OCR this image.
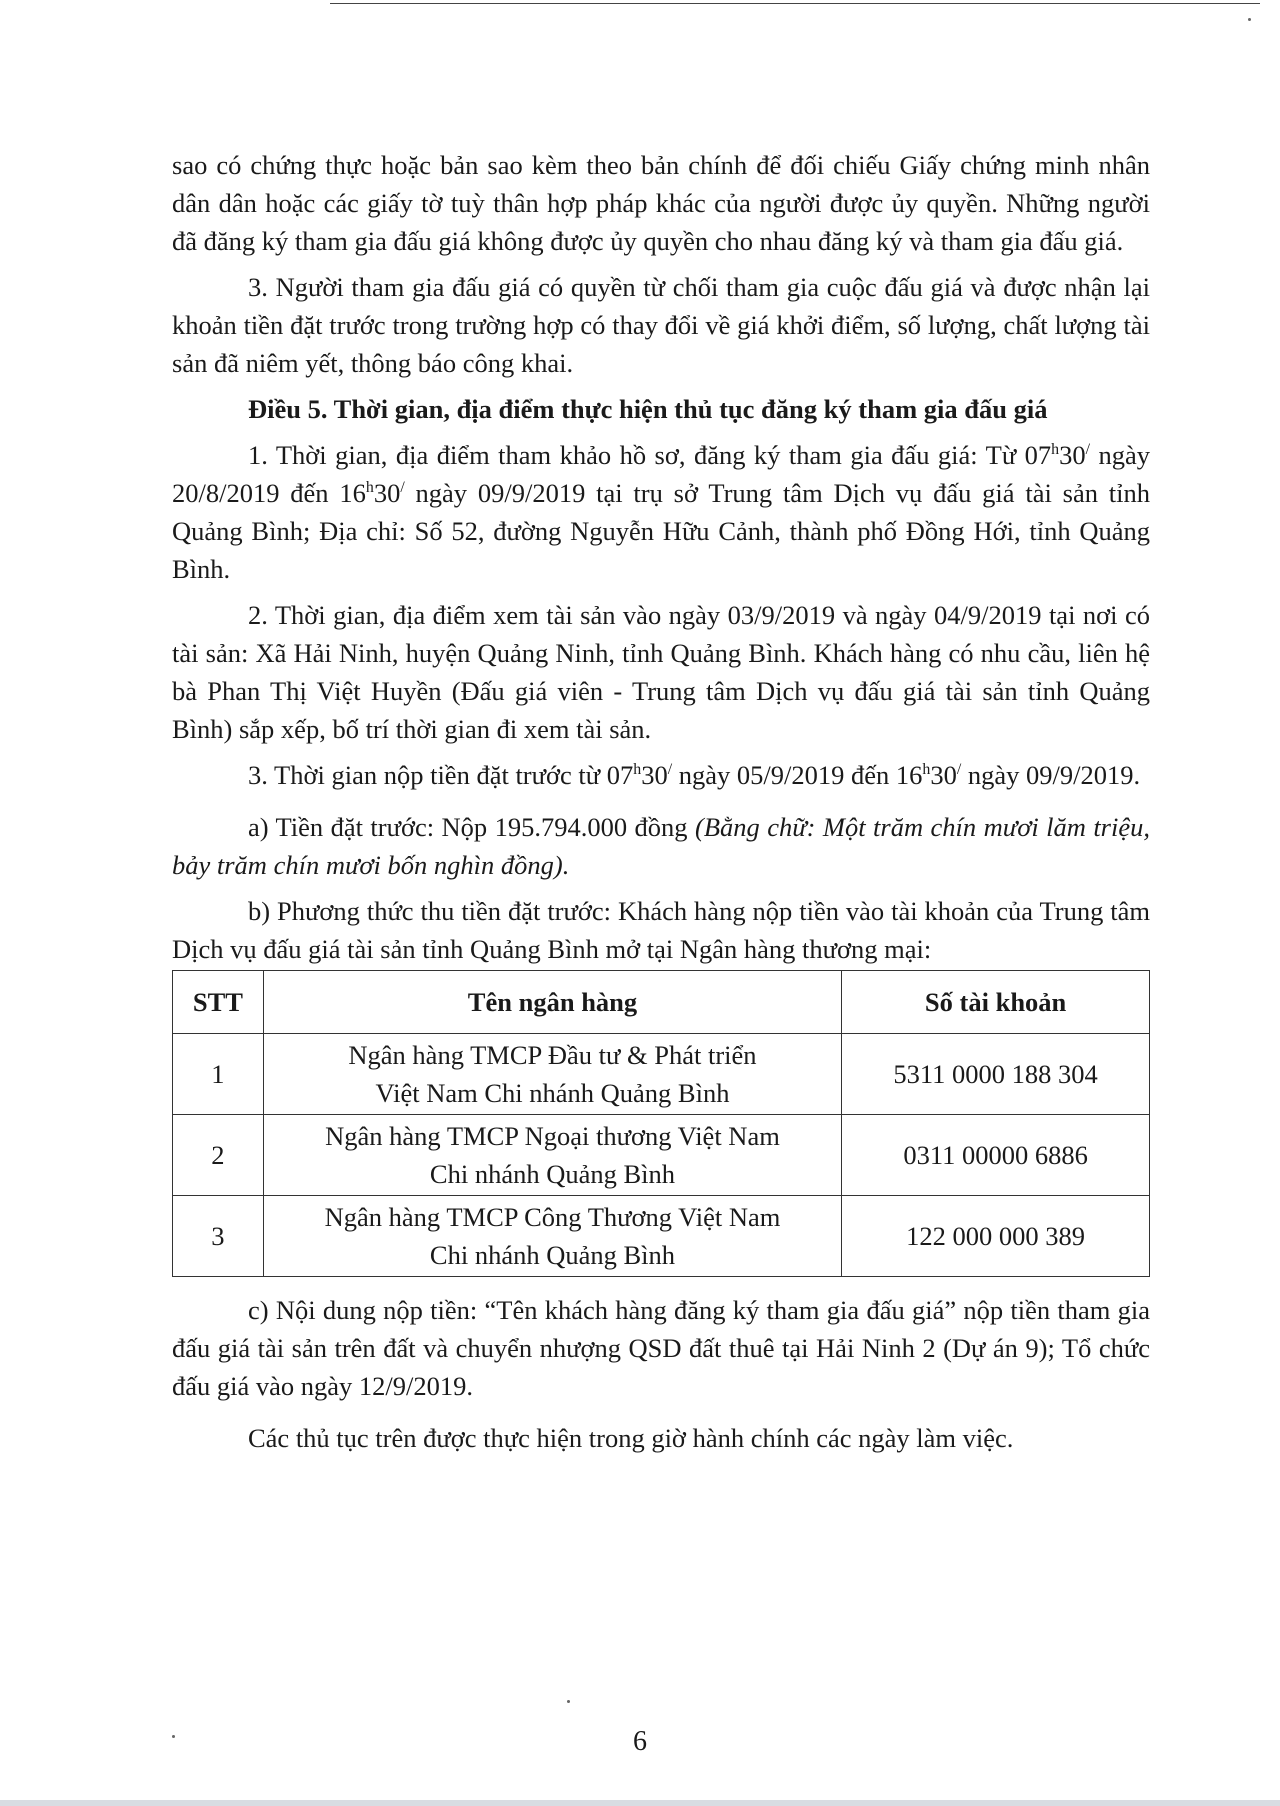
sao có chứng thực hoặc bản sao kèm theo bản chính để đối chiếu Giấy chứng minh nhân dân dân hoặc các giấy tờ tuỳ thân hợp pháp khác của người được ủy quyền. Những người đã đăng ký tham gia đấu giá không được ủy quyền cho nhau đăng ký và tham gia đấu giá.

3. Người tham gia đấu giá có quyền từ chối tham gia cuộc đấu giá và được nhận lại khoản tiền đặt trước trong trường hợp có thay đổi về giá khởi điểm, số lượng, chất lượng tài sản đã niêm yết, thông báo công khai.

Điều 5. Thời gian, địa điểm thực hiện thủ tục đăng ký tham gia đấu giá

1. Thời gian, địa điểm tham khảo hồ sơ, đăng ký tham gia đấu giá: Từ 07$^h$30/ ngày 20/8/2019 đến 16$^h$30/ ngày 09/9/2019 tại trụ sở Trung tâm Dịch vụ đấu giá tài sản tỉnh Quảng Bình; Địa chỉ: Số 52, đường Nguyễn Hữu Cảnh, thành phố Đồng Hới, tỉnh Quảng Bình.

2. Thời gian, địa điểm xem tài sản vào ngày 03/9/2019 và ngày 04/9/2019 tại nơi có tài sản: Xã Hải Ninh, huyện Quảng Ninh, tỉnh Quảng Bình. Khách hàng có nhu cầu, liên hệ bà Phan Thị Việt Huyền (Đấu giá viên - Trung tâm Dịch vụ đấu giá tài sản tỉnh Quảng Bình) sắp xếp, bố trí thời gian đi xem tài sản.

3. Thời gian nộp tiền đặt trước từ 07$^h$30/ ngày 05/9/2019 đến 16$^h$30/ ngày 09/9/2019.

a) Tiền đặt trước: Nộp 195.794.000 đồng (Bằng chữ: Một trăm chín mươi lăm triệu, bảy trăm chín mươi bốn nghìn đồng).

b) Phương thức thu tiền đặt trước: Khách hàng nộp tiền vào tài khoản của Trung tâm Dịch vụ đấu giá tài sản tỉnh Quảng Bình mở tại Ngân hàng thương mại:

STT	Tên ngân hàng	Số tài khoản
1	Ngân hàng TMCP Đầu tư & Phát triển
Việt Nam Chi nhánh Quảng Bình	5311 0000 188 304
2	Ngân hàng TMCP Ngoại thương Việt Nam
Chi nhánh Quảng Bình	0311 00000 6886
3	Ngân hàng TMCP Công Thương Việt Nam
Chi nhánh Quảng Bình	122 000 000 389

c) Nội dung nộp tiền: “Tên khách hàng đăng ký tham gia đấu giá” nộp tiền tham gia đấu giá tài sản trên đất và chuyển nhượng QSD đất thuê tại Hải Ninh 2 (Dự án 9); Tổ chức đấu giá vào ngày 12/9/2019.

Các thủ tục trên được thực hiện trong giờ hành chính các ngày làm việc.

6
